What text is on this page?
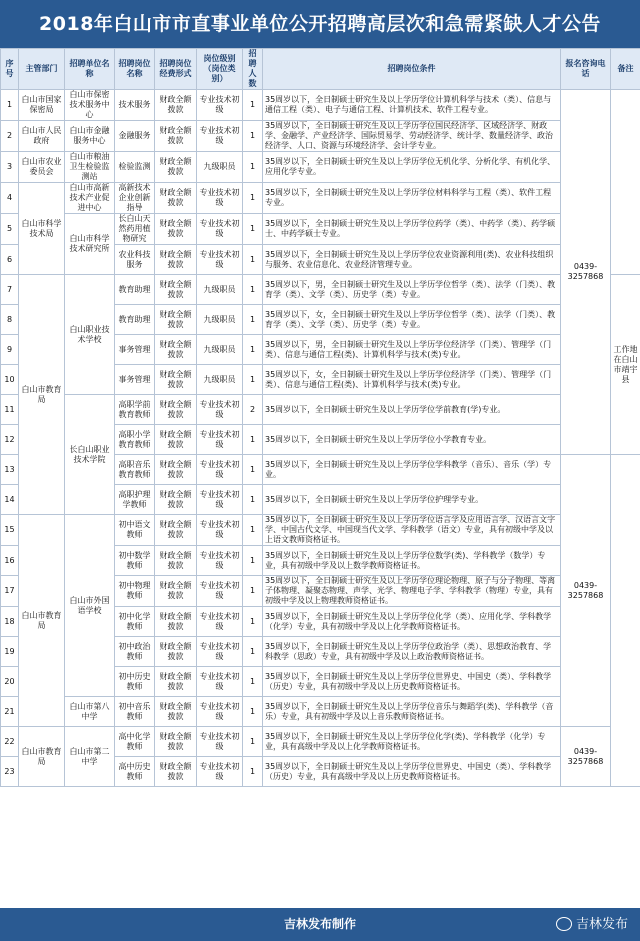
2018年白山市市直事业单位公开招聘高层次和急需紧缺人才公告
序号	主管部门	招聘单位名称	招聘岗位名称	招聘岗位经费形式	岗位级别（岗位类别）	招聘人数	招聘岗位条件	报名咨询电话	备注
1	白山市国家保密局	白山市保密技术服务中心	技术服务	财政全额拨款	专业技术初级	1	35周岁以下，全日制硕士研究生及以上学历学位计算机科学与技术（类）、信息与通信工程（类）、电子与通信工程、计算机技术、软件工程专业。	0439-3257868	
2	白山市人民政府	白山市金融服务中心	金融服务	财政全额拨款	专业技术初级	1	35周岁以下，全日制硕士研究生及以上学历学位国民经济学、区域经济学、财政学、金融学、产业经济学、国际贸易学、劳动经济学、统计学、数量经济学、政治经济学、人口、资源与环境经济学、会计学专业。		
3	白山市农业委员会	白山市粮油卫生检验监测站	检验监测	财政全额拨款	九级职员	1	35周岁以下，全日制硕士研究生及以上学历学位无机化学、分析化学、有机化学、应用化学专业。		
4	白山市科学技术局	白山市高新技术产业促进中心	高新技术企业创新指导	财政全额拨款	专业技术初级	1	35周岁以下，全日制硕士研究生及以上学历学位材料科学与工程（类）、软件工程专业。		
5		白山市科学技术研究所	长白山天然药用植物研究	财政全额拨款	专业技术初级	1	35周岁以下，全日制硕士研究生及以上学历学位药学（类）、中药学（类）、药学硕士、中药学硕士专业。		
6			农业科技服务	财政全额拨款	专业技术初级	1	35周岁以下，全日制硕士研究生及以上学历学位农业资源利用(类)、农业科技组织与服务、农业信息化、农业经济管理专业。		
7	白山市教育局	白山职业技术学校	教育助理	财政全额拨款	九级职员	1	35周岁以下，男，全日制硕士研究生及以上学历学位哲学（类）、法学（门类）、教育学（类）、文学（类）、历史学（类）专业。		工作地在白山市靖宇县
8			教育助理	财政全额拨款	九级职员	1	35周岁以下，女，全日制硕士研究生及以上学历学位哲学（类）、法学（门类）、教育学（类）、文学（类）、历史学（类）专业。		
9			事务管理	财政全额拨款	九级职员	1	35周岁以下，男，全日制硕士研究生及以上学历学位经济学（门类）、管理学（门类）、信息与通信工程(类)、计算机科学与技术(类)专业。		
10			事务管理	财政全额拨款	九级职员	1	35周岁以下，女，全日制硕士研究生及以上学历学位经济学（门类）、管理学（门类）、信息与通信工程(类)、计算机科学与技术(类)专业。		
11		长白山职业技术学院	高职学前教育教师	财政全额拨款	专业技术初级	2	35周岁以下，全日制硕士研究生及以上学历学位学前教育(学)专业。		
12			高职小学教育教师	财政全额拨款	专业技术初级	1	35周岁以下，全日制硕士研究生及以上学历学位小学教育专业。		
13			高职音乐教育教师	财政全额拨款	专业技术初级	1	35周岁以下，全日制硕士研究生及以上学历学位学科教学（音乐）、音乐（学）专业。	0439-3257868	
14			高职护理学教师	财政全额拨款	专业技术初级	1	35周岁以下，全日制硕士研究生及以上学历学位护理学专业。		
15	白山市教育局	白山市外国语学校	初中语文教师	财政全额拨款	专业技术初级	1	35周岁以下，全日制硕士研究生及以上学历学位语言学及应用语言学、汉语言文字学、中国古代文学、中国现当代文学、学科教学（语文）专业，具有初级中学及以上语文教师资格证书。		
16			初中数学教师	财政全额拨款	专业技术初级	1	35周岁以下，全日制硕士研究生及以上学历学位数学(类)、学科教学（数学）专业，具有初级中学及以上数学教师资格证书。		
17			初中物理教师	财政全额拨款	专业技术初级	1	35周岁以下，全日制硕士研究生及以上学历学位理论物理、原子与分子物理、等离子体物理、凝聚态物理、声学、光学、物理电子学、学科教学（物理）专业，具有初级中学及以上物理教师资格证书。		
18			初中化学教师	财政全额拨款	专业技术初级	1	35周岁以下，全日制硕士研究生及以上学历学位化学（类）、应用化学、学科教学（化学）专业，具有初级中学及以上化学教师资格证书。		
19			初中政治教师	财政全额拨款	专业技术初级	1	35周岁以下，全日制硕士研究生及以上学历学位政治学（类）、思想政治教育、学科教学（思政）专业，具有初级中学及以上政治教师资格证书。		
20			初中历史教师	财政全额拨款	专业技术初级	1	35周岁以下，全日制硕士研究生及以上学历学位世界史、中国史（类）、学科教学（历史）专业，具有初级中学及以上历史教师资格证书。		
21		白山市第八中学	初中音乐教师	财政全额拨款	专业技术初级	1	35周岁以下，全日制硕士研究生及以上学历学位音乐与舞蹈学(类)、学科教学（音乐）专业，具有初级中学及以上音乐教师资格证书。		
22	白山市教育局	白山市第二中学	高中化学教师	财政全额拨款	专业技术初级	1	35周岁以下，全日制硕士研究生及以上学历学位化学(类)、学科教学（化学）专业，具有高级中学及以上化学教师资格证书。	0439-3257868	
23			高中历史教师	财政全额拨款	专业技术初级	1	35周岁以下，全日制硕士研究生及以上学历学位世界史、中国史（类）、学科教学（历史）专业，具有高级中学及以上历史教师资格证书。		
吉林发布制作	吉林发布
